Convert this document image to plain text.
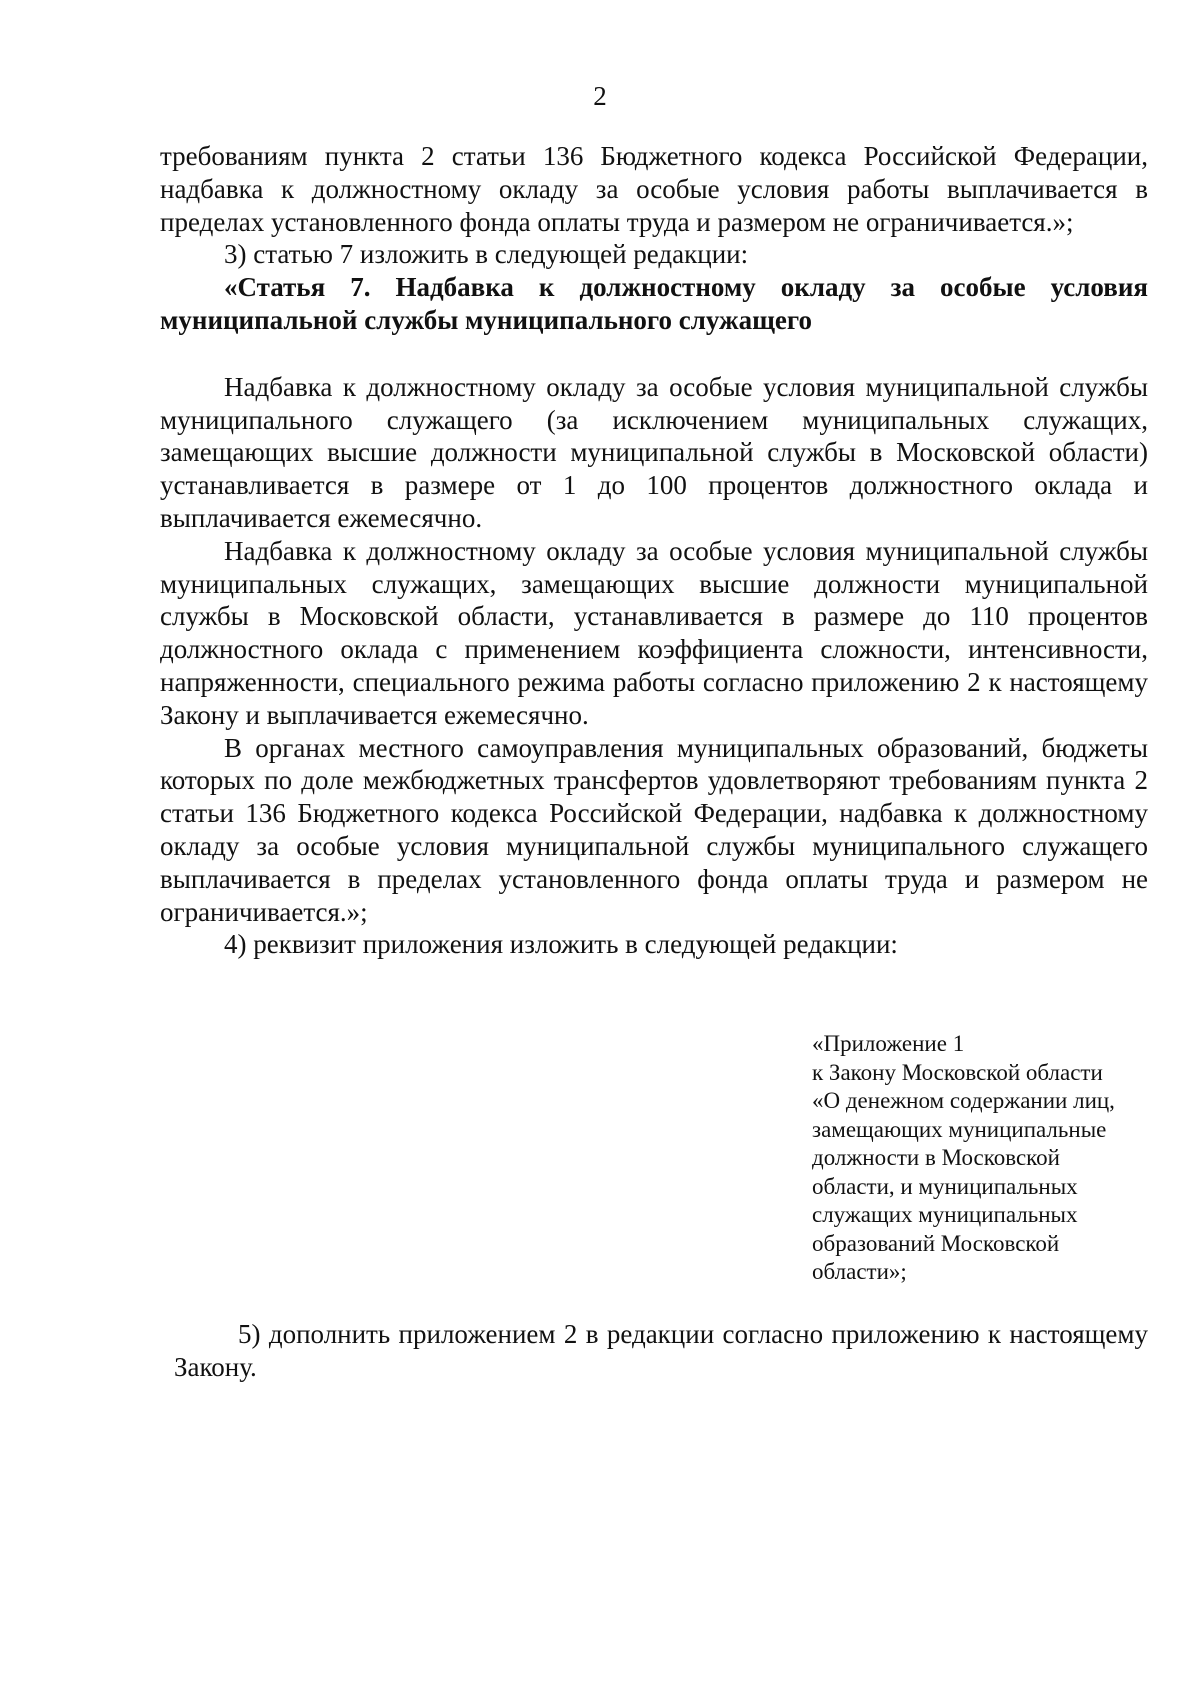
2

требованиям пункта 2 статьи 136 Бюджетного кодекса Российской Федерации, надбавка к должностному окладу за особые условия работы выплачивается в пределах установленного фонда оплаты труда и размером не ограничивается.»;

3) статью 7 изложить в следующей редакции:

«Статья 7. Надбавка к должностному окладу за особые условия муниципальной службы муниципального служащего

Надбавка к должностному окладу за особые условия муниципальной службы муниципального служащего (за исключением муниципальных служащих, замещающих высшие должности муниципальной службы в Московской области) устанавливается в размере от 1 до 100 процентов должностного оклада и выплачивается ежемесячно.

Надбавка к должностному окладу за особые условия муниципальной службы муниципальных служащих, замещающих высшие должности муниципальной службы в Московской области, устанавливается в размере до 110 процентов должностного оклада с применением коэффициента сложности, интенсивности, напряженности, специального режима работы согласно приложению 2 к настоящему Закону и выплачивается ежемесячно.

В органах местного самоуправления муниципальных образований, бюджеты которых по доле межбюджетных трансфертов удовлетворяют требованиям пункта 2 статьи 136 Бюджетного кодекса Российской Федерации, надбавка к должностному окладу за особые условия муниципальной службы муниципального служащего выплачивается в пределах установленного фонда оплаты труда и размером не ограничивается.»;

4) реквизит приложения изложить в следующей редакции:

«Приложение 1
к Закону Московской области
«О денежном содержании лиц,
замещающих муниципальные
должности в Московской
области, и муниципальных
служащих муниципальных
образований Московской
области»;

5) дополнить приложением 2 в редакции согласно приложению к настоящему Закону.
